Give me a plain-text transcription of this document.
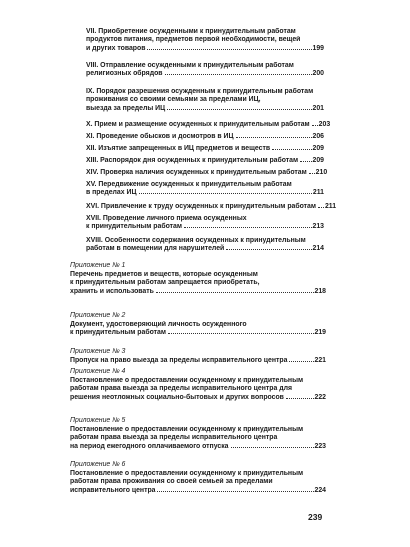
VII. Приобретение осужденными к принудительным работам
продуктов питания, предметов первой необходимости, вещей
и других товаров	199
VIII. Отправление осужденными к принудительным работам
религиозных обрядов	200
IX. Порядок разрешения осужденным к принудительным работам
проживания со своими семьями за пределами ИЦ,
выезда за пределы ИЦ	201
X. Прием и размещение осужденных к принудительным работам 203
XI. Проведение обысков и досмотров в ИЦ	206
XII. Изъятие запрещенных в ИЦ предметов и веществ	209
XIII. Распорядок дня осужденных к принудительным работам 209
XIV. Проверка наличия осужденных к принудительным работам 210
XV. Передвижение осужденных к принудительным работам
в пределах ИЦ	211
XVI. Привлечение к труду осужденных к принудительным работам 211
XVII. Проведение личного приема осужденных
к принудительным работам	213
XVIII. Особенности содержания осужденных к принудительным
работам в помещении для нарушителей	214
Приложение № 1
Перечень предметов и веществ, которые осужденным
к принудительным работам запрещается приобретать,
хранить и использовать	218
Приложение № 2
Документ, удостоверяющий личность осужденного
к принудительным работам	219
Приложение № 3
Пропуск на право выезда за пределы исправительного центра	221
Приложение № 4
Постановление о предоставлении осужденному к принудительным
работам права выезда за пределы исправительного центра для
решения неотложных социально-бытовых и других вопросов	222
Приложение № 5
Постановление о предоставлении осужденному к принудительным
работам права выезда за пределы исправительного центра
на период ежегодного оплачиваемого отпуска	223
Приложение № 6
Постановление о предоставлении осужденному к принудительным
работам права проживания со своей семьей за пределами
исправительного центра	224
239
